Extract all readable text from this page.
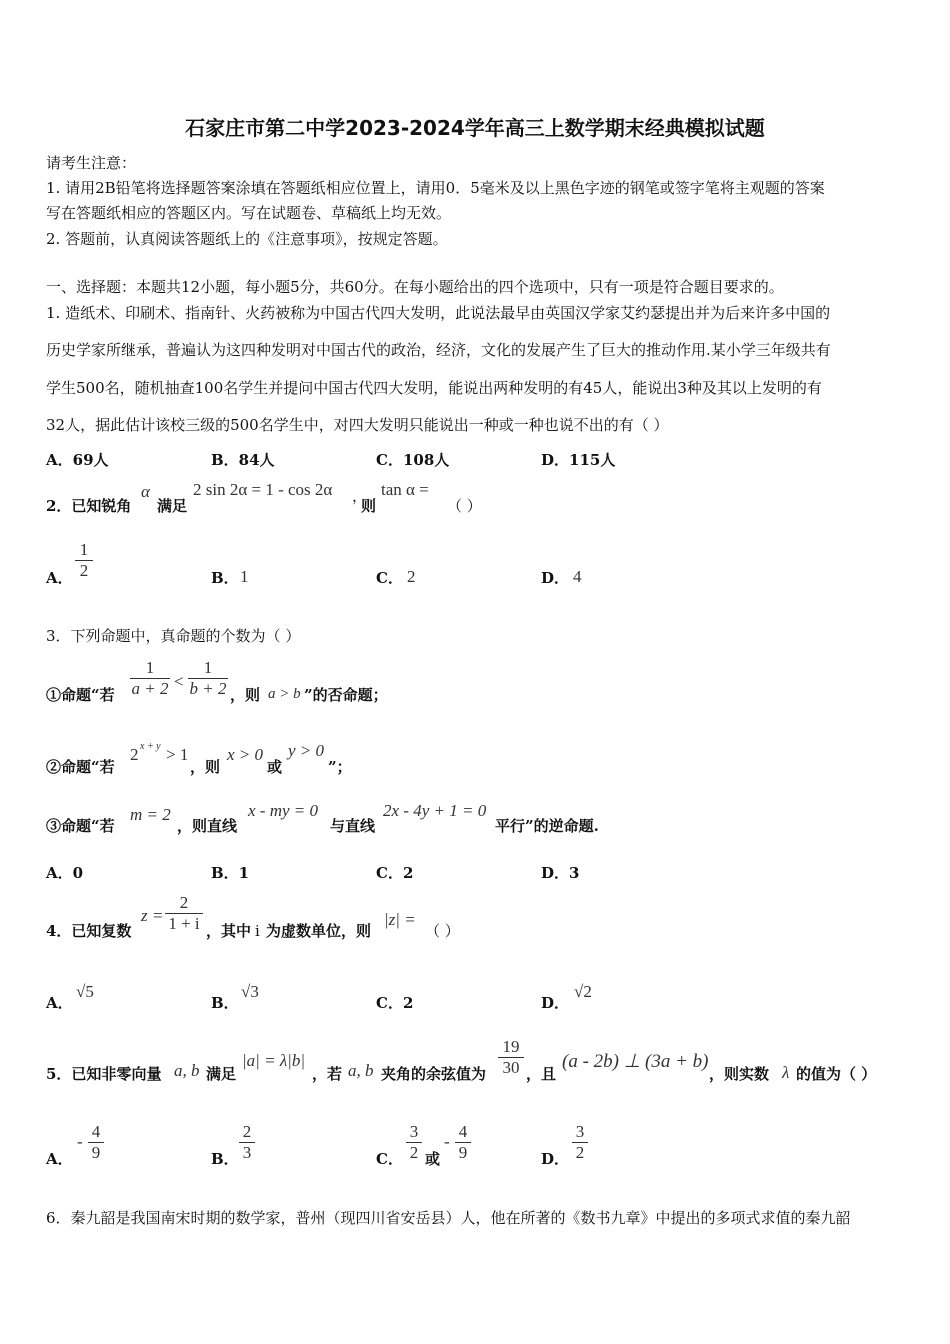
石家庄市第二中学2023-2024学年高三上数学期末经典模拟试题
请考生注意：
1. 请用2B铅笔将选择题答案涂填在答题纸相应位置上，请用0．5毫米及以上黑色字迹的钢笔或签字笔将主观题的答案
写在答题纸相应的答题区内。写在试题卷、草稿纸上均无效。
2. 答题前，认真阅读答题纸上的《注意事项》，按规定答题。
一、选择题：本题共12小题，每小题5分，共60分。在每小题给出的四个选项中，只有一项是符合题目要求的。
1. 造纸术、印刷术、指南针、火药被称为中国古代四大发明，此说法最早由英国汉学家艾约瑟提出并为后来许多中国的
历史学家所继承，普遍认为这四种发明对中国古代的政治，经济，文化的发展产生了巨大的推动作用.某小学三年级共有
学生500名，随机抽查100名学生并提问中国古代四大发明，能说出两种发明的有45人，能说出3种及其以上发明的有
32人，据此估计该校三级的500名学生中，对四大发明只能说出一种或一种也说不出的有（ ）
A．69人	B．84人	C．108人	D．115人
2．已知锐角
α
满足
2 sin 2α = 1 - cos 2α ，
则
tan α =
（ ）
A．
1
2	B． 1	C． 2	D． 4
3．下列命题中，真命题的个数为（ ）
①命题“若
1
a + 2 <
1
b + 2 ，则 a > b ”的否命题；
②命题“若
2 x + y > 1
，则
x > 0
或
y > 0
”；
③命题“若
m = 2
，则直线
x - my = 0
与直线
2x - 4y + 1 = 0
平行”的逆命题.
A．0	B．1	C．2	D．3
4．已知复数
z =
2
1 + i ，其中 i 为虚数单位，则
|z| =
（ ）
A．
√5
B．
√3
C．2	D．
√2
5．已知非零向量 a, b 满足
|a| = λ|b|
，若 a, b 夹角的余弦值为
19
30 ，且
(a - 2b) ⊥ (3a + b)
，则实数 λ 的值为（ ）
A．
-
4
9	B．
2
3	C．
3
2 或
-
4
9	D．
3
2
6．秦九韶是我国南宋时期的数学家，普州（现四川省安岳县）人，他在所著的《数书九章》中提出的多项式求值的秦九韶
